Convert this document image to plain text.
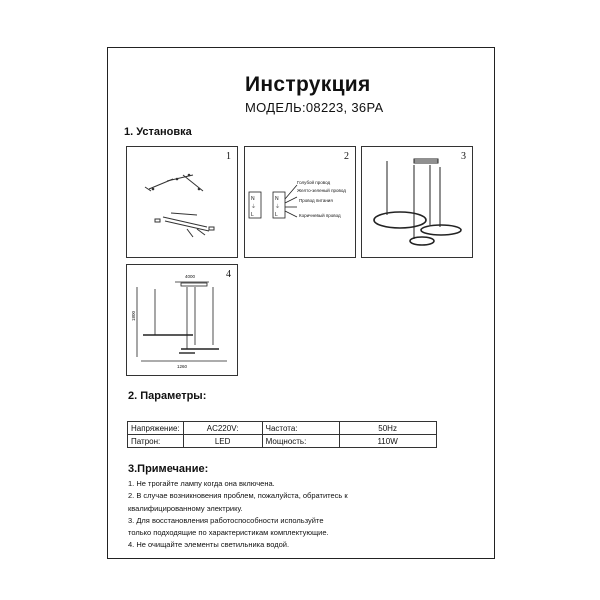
Инструкция
МОДЕЛЬ:08223, 36PA
1. Установка
1	2
N
⏚
L
N
⏚
L
Голубой провод
Желто-зеленый провод
Провод питания
Коричневый провод
3
4
4000
1800
1260
2. Параметры:
Напряжение:	AC220V:	Частота:	50Hz
Патрон:	LED	Мощность:	110W
3.Примечание:
1. Не трогайте лампу когда она включена.
2. В случае возникновения проблем, пожалуйста, обратитесь к
квалифицированному электрику.
3. Для восстановления работоспособности используйте
только подходящие по характеристикам комплектующие.
4. Не очищайте элементы светильника водой.
